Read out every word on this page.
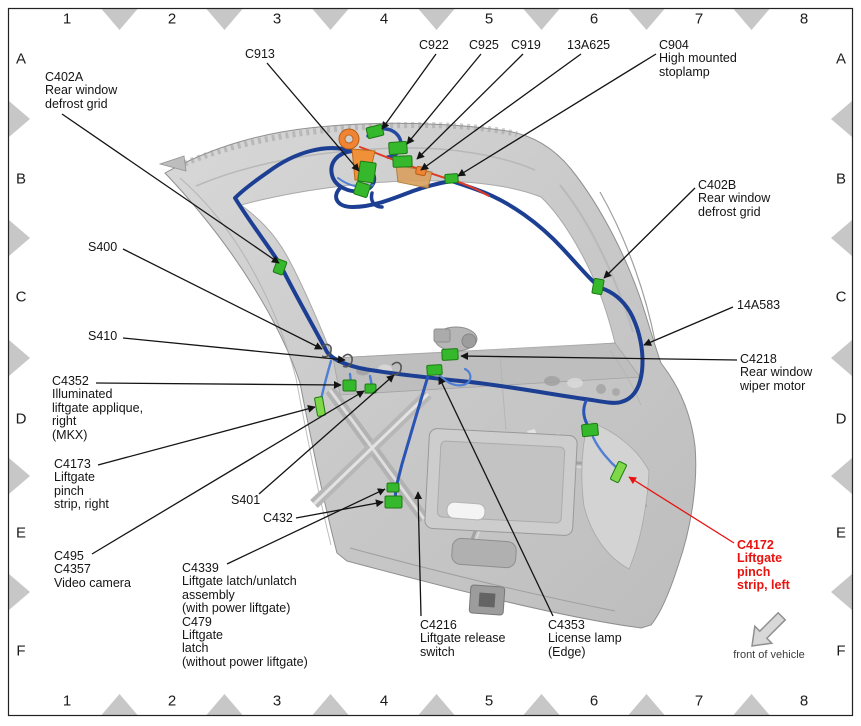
C402A
Rear window
defrost grid
C913
C922 C925 C919 13A625	C904
High mounted
stoplamp
C402B
Rear window
defrost grid
S400
S410
14A583
C4218
Rear window
wiper motor
C4352
Illuminated
liftgate applique,
right
(MKX)
C4173
Liftgate
pinch
strip, right
C495
C4357
Video camera
S401
C432
C4339
Liftgate latch/unlatch
assembly
(with power liftgate)
C479
Liftgate
latch
(without power liftgate)
C4216
Liftgate release
switch
C4353
License lamp
(Edge)
C4172
Liftgate
pinch
strip, left
1
1
2
2
3
3
4
4
5
5
6
6
7
7
8
8
A	A
B	B
C	C
D	D
E	E
F	F
front of vehicle
